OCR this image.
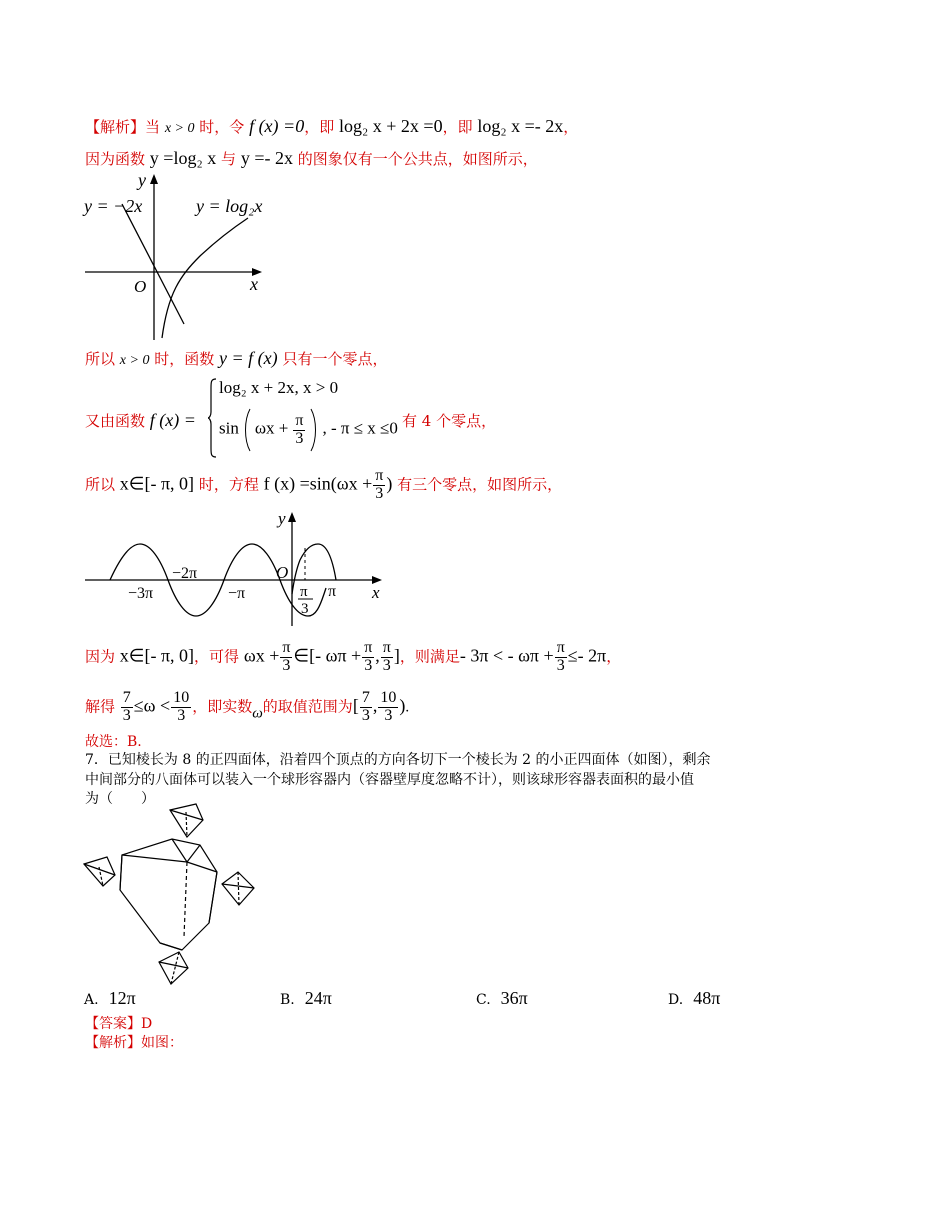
【解析】当 x > 0 时，令 f (x) =0，即 log₂ x + 2x =0，即 log₂ x =- 2x，
因为函数 y =log₂ x 与 y =- 2x 的图象仅有一个公共点，如图所示，
y
x
O
y = −2x	y = log₂x
所以 x > 0 时，函数 y = f (x) 只有一个零点，
又由函数 f (x) =
log₂ x + 2x, x > 0
$\sin \omega x + \frac{\pi}{3}$ , - π ≤ x ≤0 有 4 个零点，
所以 x∈[- π, 0] 时，方程 f $(x) =\sin(\omega x + \frac{\pi}{3}$ ) 有三个零点，如图所示，
y
x
O
−3π
−2π
−π	π
3
π
因为 x∈[- π, 0]，可得 $\omega x + \frac{\pi}{3}$ ∈[- $\omega\pi + \frac{\pi}{3}$ , $\frac{\pi}{3}$ ]，则满足- 3π < - $\omega\pi + \frac{\pi}{3} \le- 2\pi$，
解得 $\frac{7}{3} \le\omega < \frac{10}{3}$ ，即实数ω的取值范围为[ $\frac{7}{3}$ , $\frac{10}{3}$ ).
故选：B.
7．已知棱长为 8 的正四面体，沿着四个顶点的方向各切下一个棱长为 2 的小正四面体（如图），剩余
中间部分的八面体可以装入一个球形容器内（容器壁厚度忽略不计），则该球形容器表面积的最小值
为（　　）
A. 12π	B. 24π	C. 36π	D. 48π
【答案】D
【解析】如图：
